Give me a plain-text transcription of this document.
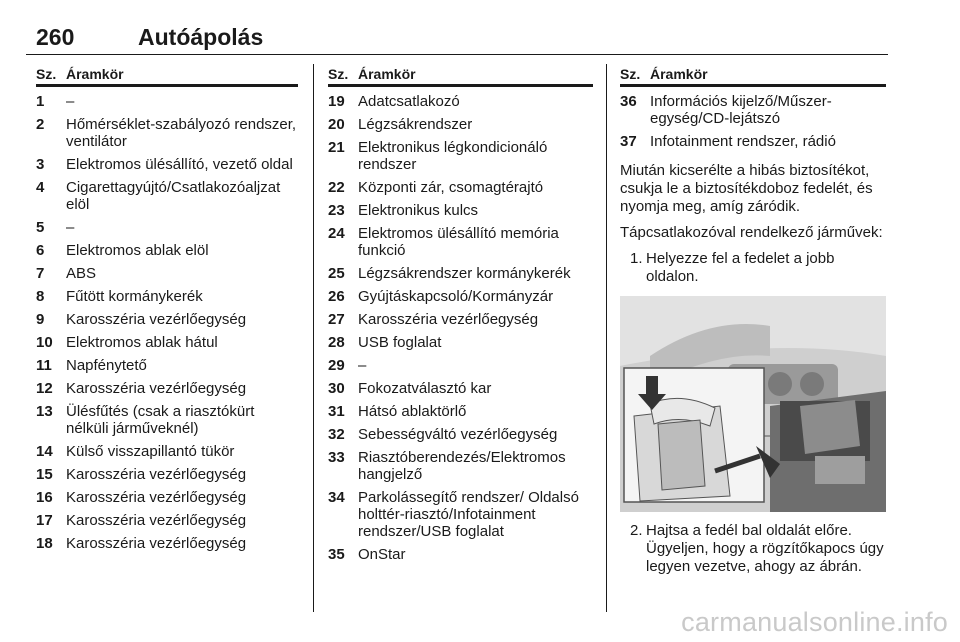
260	Autóápolás
Sz. Áramkör
1	–
2	Hőmérséklet-szabályozó rendszer, ventilátor
3	Elektromos ülésállító, vezető oldal
4	Cigarettagyújtó/Csatlakozóaljzat elöl
5	–
6	Elektromos ablak elöl
7	ABS
8	Fűtött kormánykerék
9	Karosszéria vezérlőegység
10 Elektromos ablak hátul
11 Napfénytető
12 Karosszéria vezérlőegység
13 Ülésfűtés (csak a riasztókürt nélküli járműveknél)
14 Külső visszapillantó tükör
15 Karosszéria vezérlőegység
16 Karosszéria vezérlőegység
17 Karosszéria vezérlőegység
18 Karosszéria vezérlőegység
Sz. Áramkör
19 Adatcsatlakozó
20 Légzsákrendszer
21 Elektronikus légkondicionáló rendszer
22 Központi zár, csomagtérajtó
23 Elektronikus kulcs
24 Elektromos ülésállító memória funkció
25 Légzsákrendszer kormánykerék
26 Gyújtáskapcsoló/Kormányzár
27 Karosszéria vezérlőegység
28 USB foglalat
29 –
30 Fokozatválasztó kar
31 Hátsó ablaktörlő
32 Sebességváltó vezérlőegység
33 Riasztóberendezés/Elektromos hangjelző
34 Parkolássegítő rendszer/ Oldalsó holttér-riasztó/Infotainment rendszer/USB foglalat
35 OnStar
Sz. Áramkör
36 Információs kijelző/Műszeregység/CD-lejátszó
37 Infotainment rendszer, rádió

Miután kicserélte a hibás biztosítékot, csukja le a biztosítékdoboz fedelét, és nyomja meg, amíg záródik.

Tápcsatlakozóval rendelkező járművek:

1. Helyezze fel a fedelet a jobb oldalon.
2. Hajtsa a fedél bal oldalát előre. Ügyeljen, hogy a rögzítőkapocs úgy legyen vezetve, ahogy az ábrán.
carmanualsonline.info
